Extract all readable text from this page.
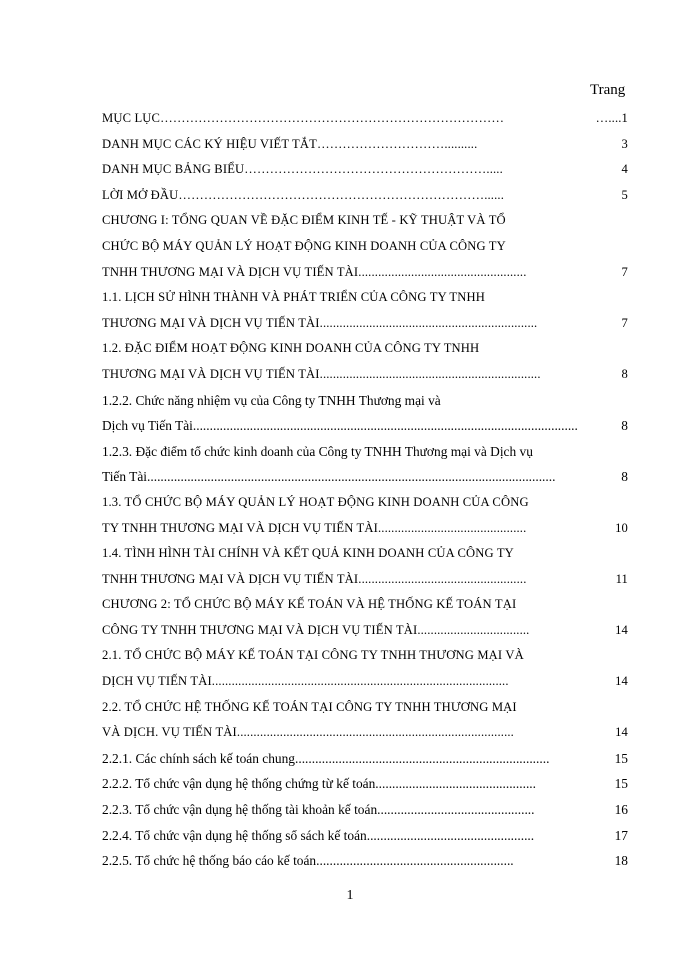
Trang
MỤC LỤC………………………………………………………………………	…....1
DANH MỤC CÁC KÝ HIỆU VIẾT TẮT…………………………..........	3
DANH MỤC BẢNG BIỂU………………………………………………….....	4
LỜI MỞ ĐẦU………………………………………………………………......	5
CHƯƠNG I: TỔNG QUAN VỀ ĐẶC ĐIỂM KINH TẾ - KỸ THUẬT VÀ TỔ
CHỨC BỘ MÁY QUẢN LÝ HOẠT ĐỘNG KINH DOANH CỦA CÔNG TY
TNHH THƯƠNG MẠI VÀ DỊCH VỤ TIẾN TÀI ...................................................	7
1.1. LỊCH SỬ HÌNH THÀNH VÀ PHÁT TRIỂN CỦA CÔNG TY TNHH
THƯƠNG MẠI VÀ DỊCH VỤ TIẾN TÀI ..................................................................	7
1.2. ĐẶC ĐIỂM HOẠT ĐỘNG KINH DOANH CỦA CÔNG TY TNHH
THƯƠNG MẠI VÀ DỊCH VỤ TIẾN TÀI ...................................................................	8
1.2.2. Chức năng nhiệm vụ của Công ty TNHH Thương mại và
Dịch vụ Tiến Tài ...................................................................................................................	8
1.2.3. Đặc điểm tổ chức kinh doanh của Công ty TNHH Thương mại và Dịch vụ
Tiến Tài ..........................................................................................................................	8
1.3. TỔ CHỨC BỘ MÁY QUẢN LÝ HOẠT ĐỘNG KINH DOANH CỦA CÔNG
TY TNHH THƯƠNG MẠI VÀ DỊCH VỤ TIẾN TÀI .............................................	10
1.4. TÌNH HÌNH TÀI CHÍNH VÀ KẾT QUẢ KINH DOANH CỦA CÔNG TY
TNHH THƯƠNG MẠI VÀ DỊCH VỤ TIẾN TÀI ...................................................	11
CHƯƠNG 2: TỔ CHỨC BỘ MÁY KẾ TOÁN VÀ HỆ THỐNG KẾ TOÁN TẠI
CÔNG TY TNHH THƯƠNG MẠI VÀ DỊCH VỤ TIẾN TÀI ..................................	14
2.1. TỔ CHỨC BỘ MÁY KẾ TOÁN TẠI CÔNG TY TNHH THƯƠNG MẠI VÀ
DỊCH VỤ TIẾN TÀI ..........................................................................................	14
2.2. TỔ CHỨC HỆ THỐNG KẾ TOÁN TẠI CÔNG TY TNHH THƯƠNG MẠI
VÀ DỊCH. VỤ TIẾN TÀI ....................................................................................	14
2.2.1. Các chính sách kế toán chung ............................................................................	15
2.2.2. Tổ chức vận dụng hệ thống chứng từ kế toán ................................................	15
2.2.3. Tổ chức vận dụng hệ thống tài khoản kế toán ...............................................	16
2.2.4. Tổ chức vận dụng hệ thống sổ sách kế toán ..................................................	17
2.2.5. Tổ chức hệ thống báo cáo kế toán ...........................................................	18
1
